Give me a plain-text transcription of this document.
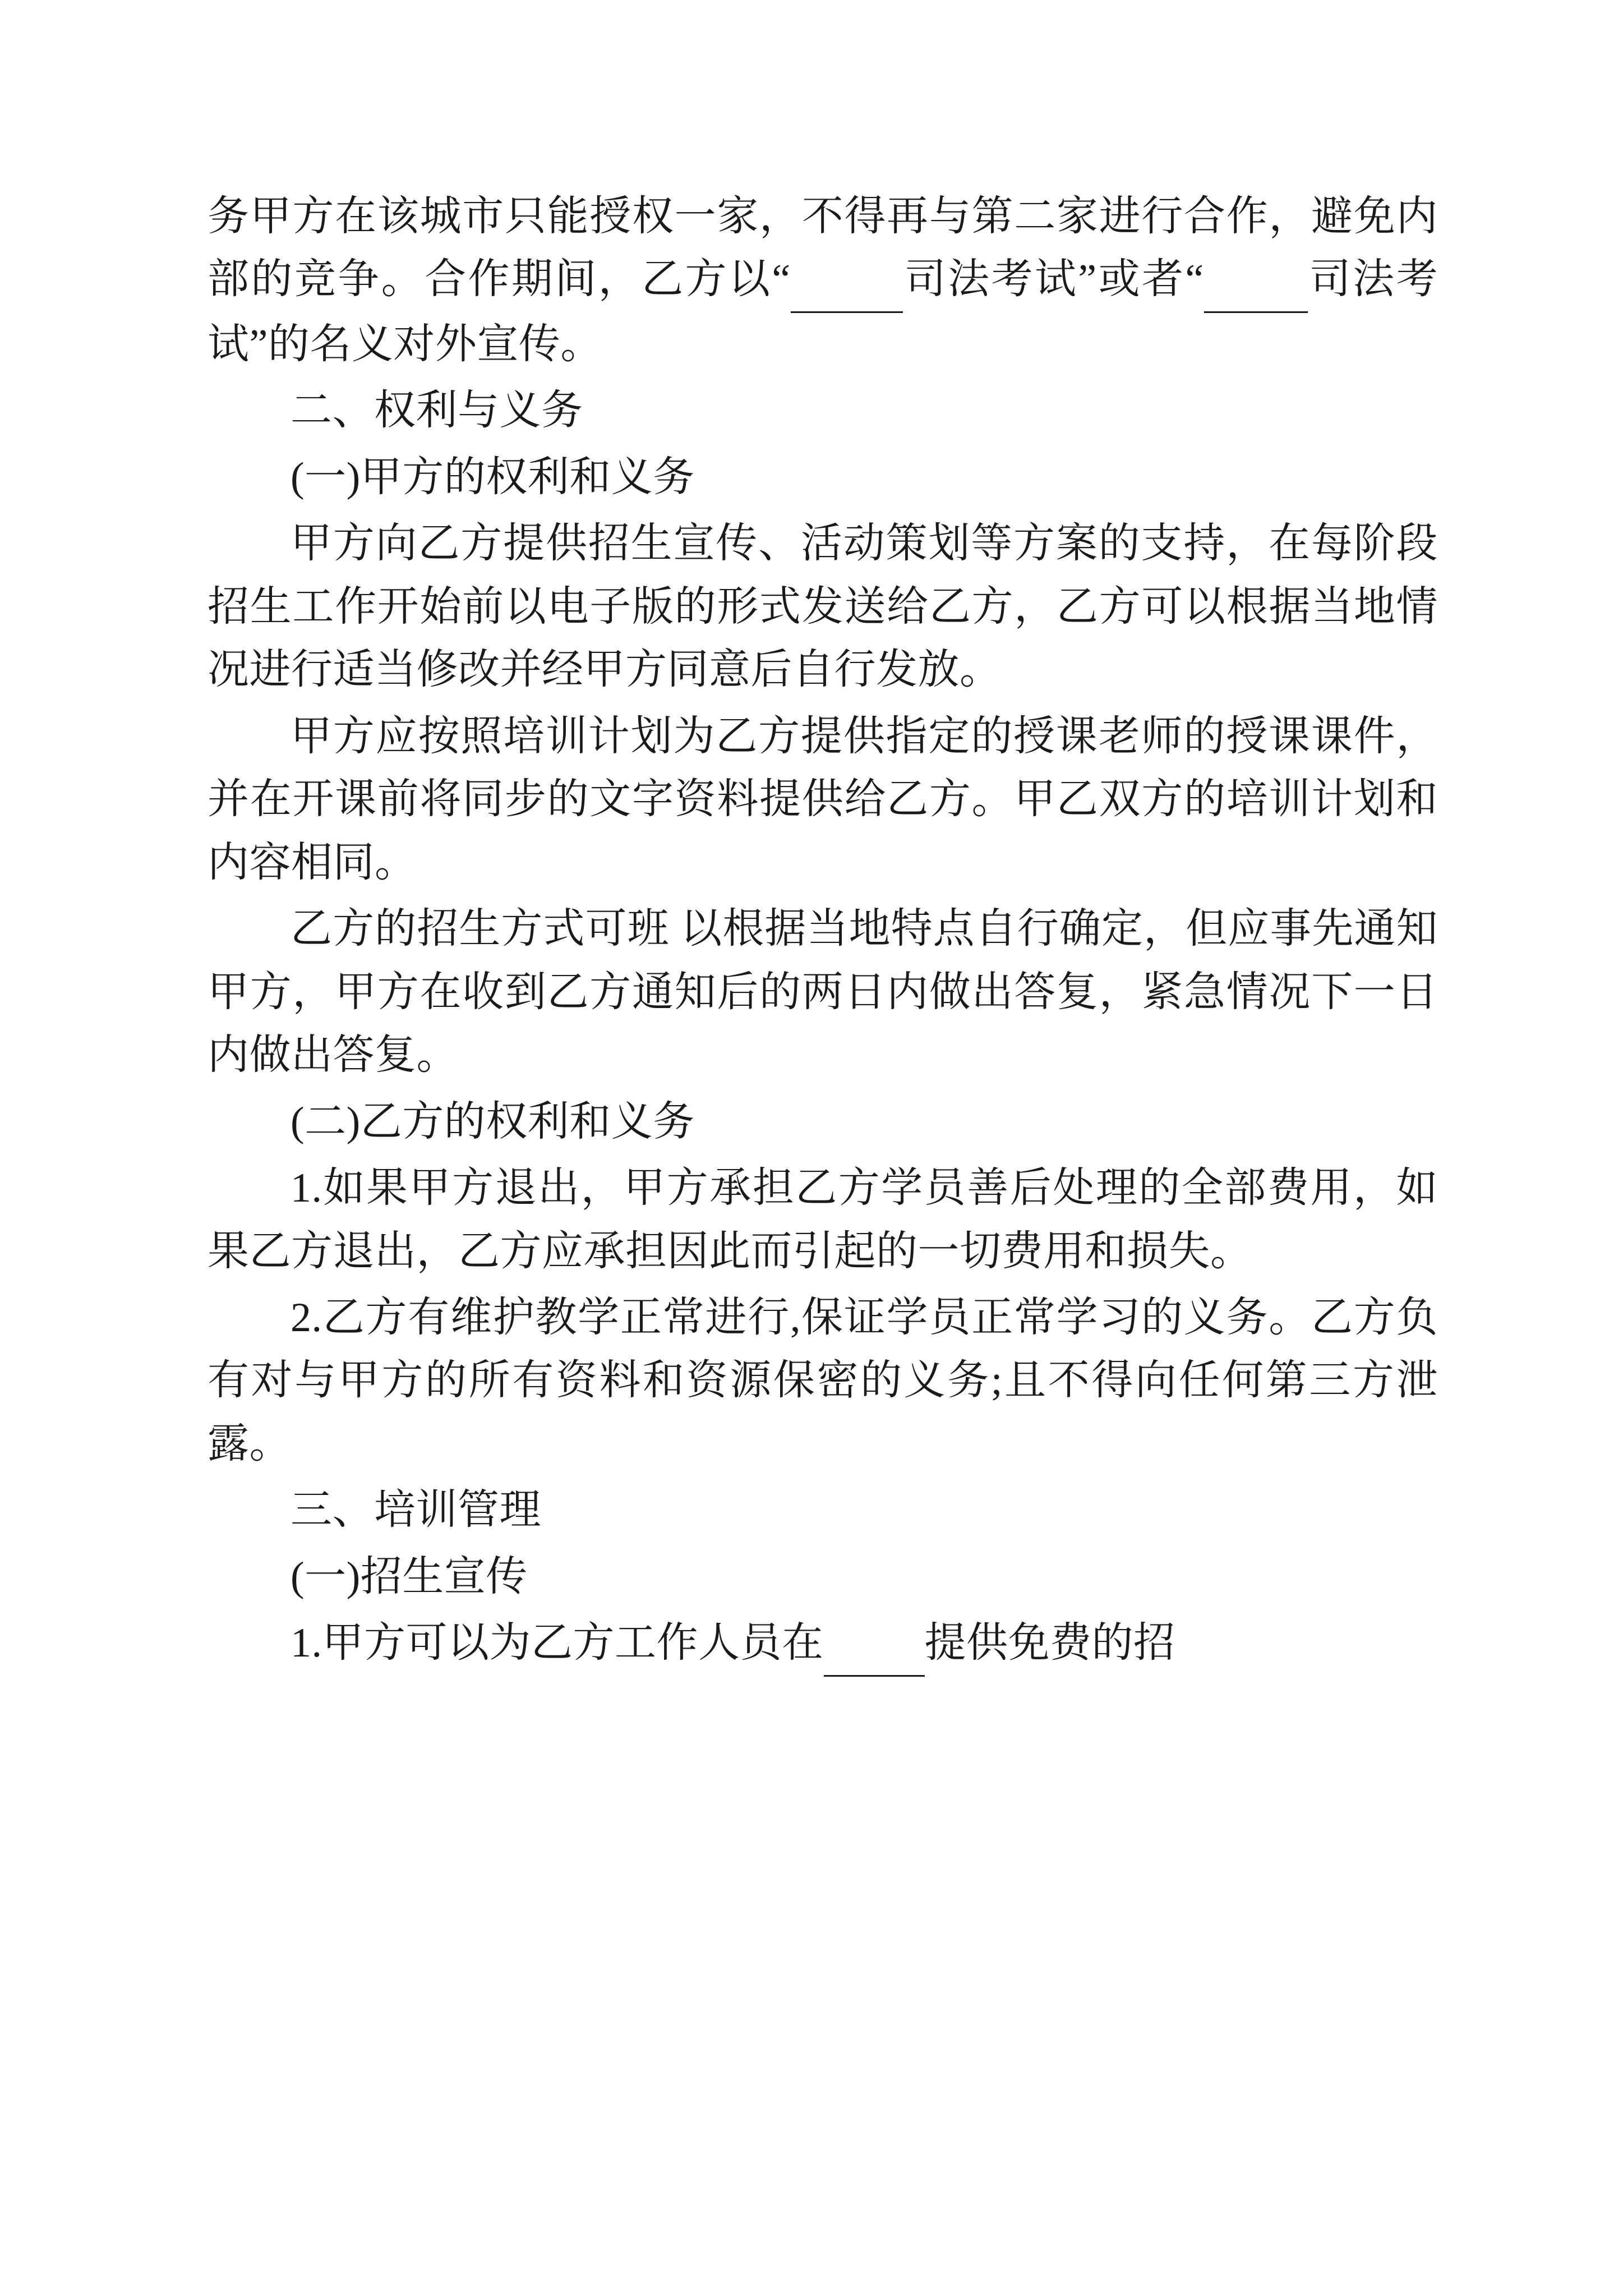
务甲方在该城市只能授权一家，不得再与第二家进行合作，避免内部的竞争。合作期间，乙方以“	司法考试”或者“	司法考试”的名义对外宣传。

二、权利与义务

(一)甲方的权利和义务

甲方向乙方提供招生宣传、活动策划等方案的支持，在每阶段招生工作开始前以电子版的形式发送给乙方，乙方可以根据当地情况进行适当修改并经甲方同意后自行发放。

甲方应按照培训计划为乙方提供指定的授课老师的授课课件，并在开课前将同步的文字资料提供给乙方。甲乙双方的培训计划和内容相同。

乙方的招生方式可班 以根据当地特点自行确定，但应事先通知甲方，甲方在收到乙方通知后的两日内做出答复，紧急情况下一日内做出答复。

(二)乙方的权利和义务

1.如果甲方退出，甲方承担乙方学员善后处理的全部费用，如果乙方退出，乙方应承担因此而引起的一切费用和损失。

2.乙方有维护教学正常进行,保证学员正常学习的义务。乙方负有对与甲方的所有资料和资源保密的义务;且不得向任何第三方泄露。

三、培训管理

(一)招生宣传

1.甲方可以为乙方工作人员在 提供免费的招
